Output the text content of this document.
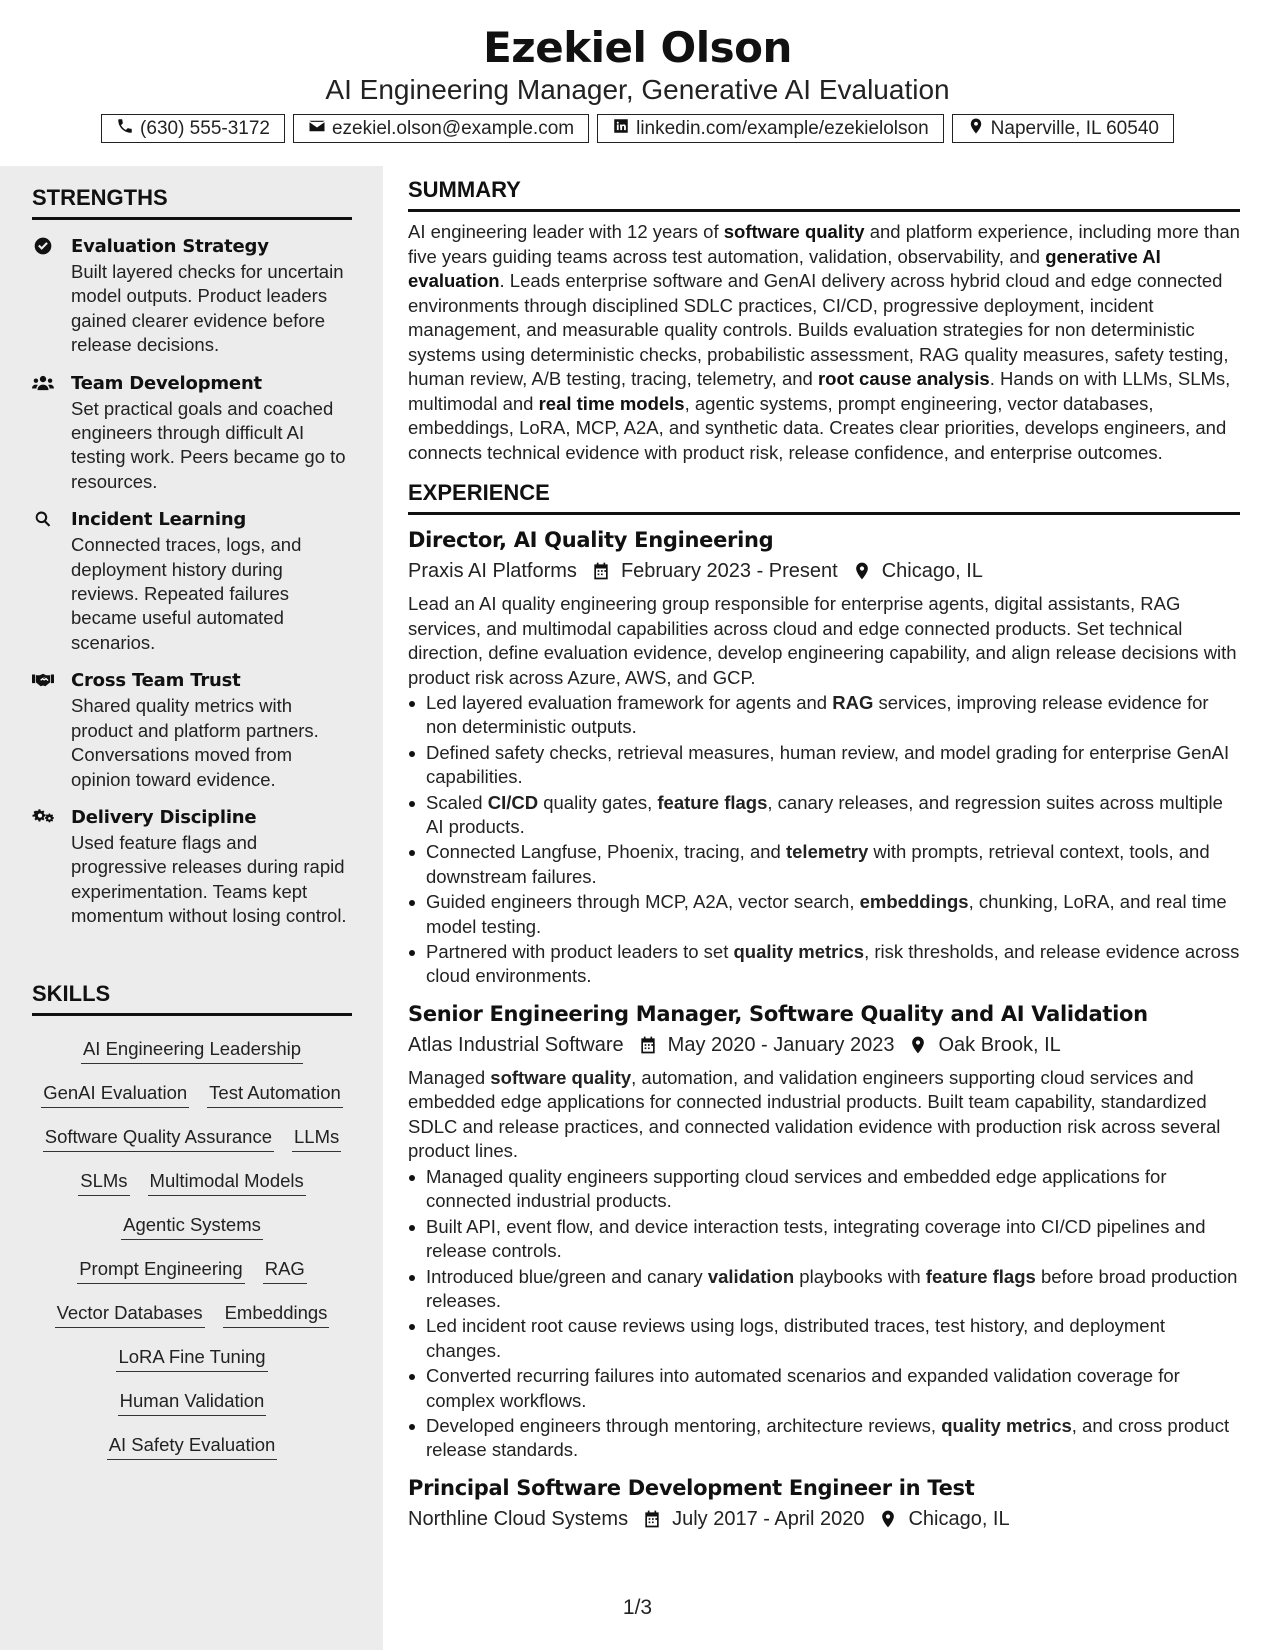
Ezekiel Olson
AI Engineering Manager, Generative AI Evaluation
(630) 555-3172	ezekiel.olson@example.com	linkedin.com/example/ezekielolson	Naperville, IL 60540
STRENGTHS
Evaluation Strategy
Built layered checks for uncertain model outputs. Product leaders gained clearer evidence before release decisions.
Team Development
Set practical goals and coached engineers through difficult AI testing work. Peers became go to resources.
Incident Learning
Connected traces, logs, and deployment history during reviews. Repeated failures became useful automated scenarios.
Cross Team Trust
Shared quality metrics with product and platform partners. Conversations moved from opinion toward evidence.
Delivery Discipline
Used feature flags and progressive releases during rapid experimentation. Teams kept momentum without losing control.
SKILLS
AI Engineering Leadership
GenAI Evaluation Test Automation
Software Quality Assurance LLMs
SLMs Multimodal Models
Agentic Systems
Prompt Engineering RAG
Vector Databases Embeddings
LoRA Fine Tuning
Human Validation
AI Safety Evaluation
SUMMARY
AI engineering leader with 12 years of software quality and platform experience, including more than five years guiding teams across test automation, validation, observability, and generative AI evaluation. Leads enterprise software and GenAI delivery across hybrid cloud and edge connected environments through disciplined SDLC practices, CI/CD, progressive deployment, incident management, and measurable quality controls. Builds evaluation strategies for non deterministic systems using deterministic checks, probabilistic assessment, RAG quality measures, safety testing, human review, A/B testing, tracing, telemetry, and root cause analysis. Hands on with LLMs, SLMs, multimodal and real time models, agentic systems, prompt engineering, vector databases, embeddings, LoRA, MCP, A2A, and synthetic data. Creates clear priorities, develops engineers, and connects technical evidence with product risk, release confidence, and enterprise outcomes.
EXPERIENCE
Director, AI Quality Engineering
Praxis AI Platforms February 2023 - Present Chicago, IL
Lead an AI quality engineering group responsible for enterprise agents, digital assistants, RAG services, and multimodal capabilities across cloud and edge connected products. Set technical direction, define evaluation evidence, develop engineering capability, and align release decisions with product risk across Azure, AWS, and GCP.
Led layered evaluation framework for agents and RAG services, improving release evidence for non deterministic outputs.
Defined safety checks, retrieval measures, human review, and model grading for enterprise GenAI capabilities.
Scaled CI/CD quality gates, feature flags, canary releases, and regression suites across multiple AI products.
Connected Langfuse, Phoenix, tracing, and telemetry with prompts, retrieval context, tools, and downstream failures.
Guided engineers through MCP, A2A, vector search, embeddings, chunking, LoRA, and real time model testing.
Partnered with product leaders to set quality metrics, risk thresholds, and release evidence across cloud environments.
Senior Engineering Manager, Software Quality and AI Validation
Atlas Industrial Software May 2020 - January 2023 Oak Brook, IL
Managed software quality, automation, and validation engineers supporting cloud services and embedded edge applications for connected industrial products. Built team capability, standardized SDLC and release practices, and connected validation evidence with production risk across several product lines.
Managed quality engineers supporting cloud services and embedded edge applications for connected industrial products.
Built API, event flow, and device interaction tests, integrating coverage into CI/CD pipelines and release controls.
Introduced blue/green and canary validation playbooks with feature flags before broad production releases.
Led incident root cause reviews using logs, distributed traces, test history, and deployment changes.
Converted recurring failures into automated scenarios and expanded validation coverage for complex workflows.
Developed engineers through mentoring, architecture reviews, quality metrics, and cross product release standards.
Principal Software Development Engineer in Test
Northline Cloud Systems July 2017 - April 2020 Chicago, IL
1/3
